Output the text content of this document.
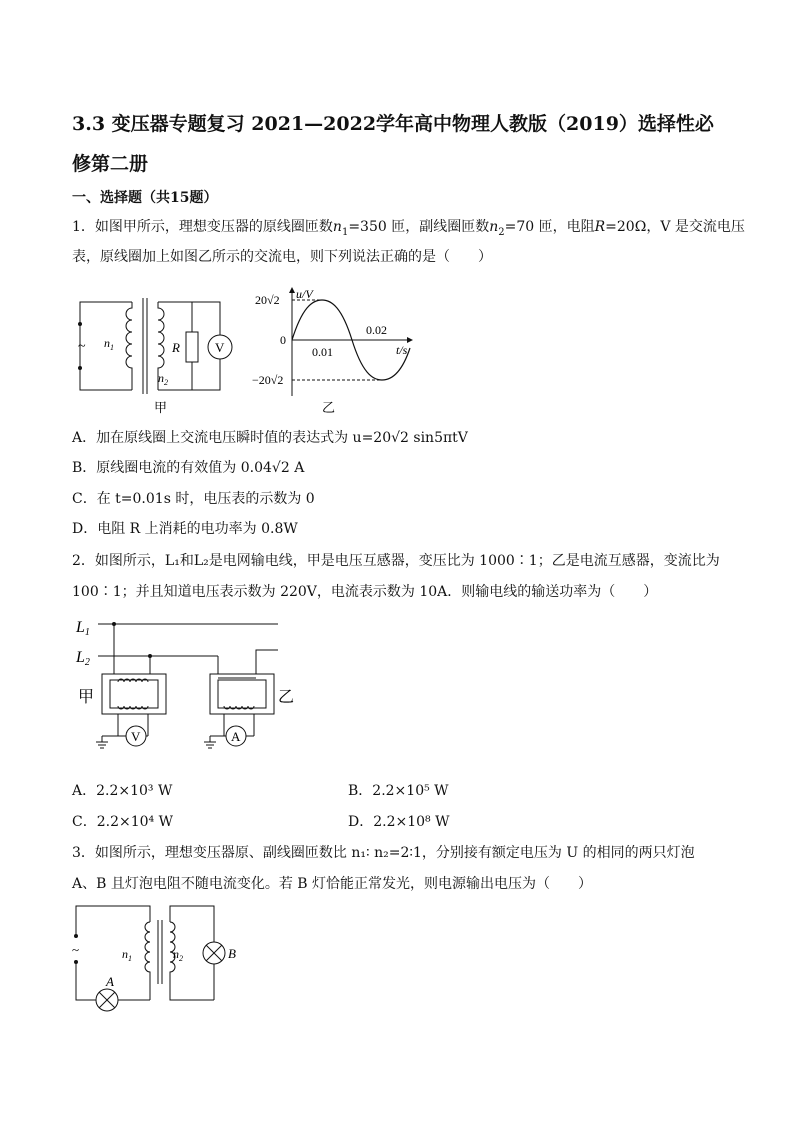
3.3 变压器专题复习 2021—2022学年高中物理人教版（2019）选择性必修第二册
一、选择题（共15题）
1．如图甲所示，理想变压器的原线圈匝数$n_1=350$ 匝，副线圈匝数$n_2=70$ 匝，电阻R=20Ω，V 是交流电压
表，原线圈加上如图乙所示的交流电，则下列说法正确的是（　　）
~ $n_1$
$n_2$
R	V
甲
u/V
20√2
−20√2
0
0.01
0.02
t/s
乙
A．加在原线圈上交流电压瞬时值的表达式为 u=20√2 sin5πtV
B．原线圈电流的有效值为 0.04√2 A
C．在 t=0.01s 时，电压表的示数为 0
D．电阻 R 上消耗的电功率为 0.8W
2．如图所示，L₁和L₂是电网输电线，甲是电压互感器，变压比为 1000∶1；乙是电流互感器，变流比为
100∶1；并且知道电压表示数为 220V，电流表示数为 10A．则输电线的输送功率为（　　）
L1
L2
甲	乙
V	A
A．2.2×10³ W	B．2.2×10⁵ W
C．2.2×10⁴ W	D．2.2×10⁸ W
3．如图所示，理想变压器原、副线圈匝数比 n₁∶ n₂=2∶1，分别接有额定电压为 U 的相同的两只灯泡
A、B 且灯泡电阻不随电流变化。若 B 灯恰能正常发光，则电源输出电压为（　　）
~	$n_1$	$n_2$	B
A
